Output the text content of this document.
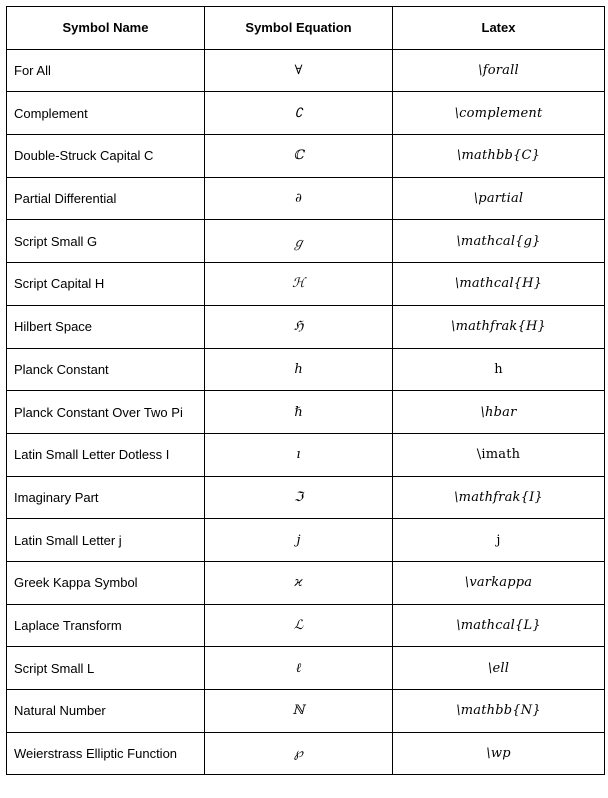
Symbol Name	Symbol Equation	Latex
For All	∀	\forall
Complement	∁	\complement
Double-Struck Capital C	ℂ	\mathbb{C}
Partial Differential	∂	\partial
Script Small G	ℊ	\mathcal{g}
Script Capital H	ℋ	\mathcal{H}
Hilbert Space	ℌ	\mathfrak{H}
Planck Constant	ℎ	h
Planck Constant Over Two Pi	ℏ	\hbar
Latin Small Letter Dotless I	ı	\imath
Imaginary Part	ℑ	\mathfrak{I}
Latin Small Letter j	j	j
Greek Kappa Symbol	ϰ	\varkappa
Laplace Transform	ℒ	\mathcal{L}
Script Small L	ℓ	\ell
Natural Number	ℕ	\mathbb{N}
Weierstrass Elliptic Function	℘	\wp
